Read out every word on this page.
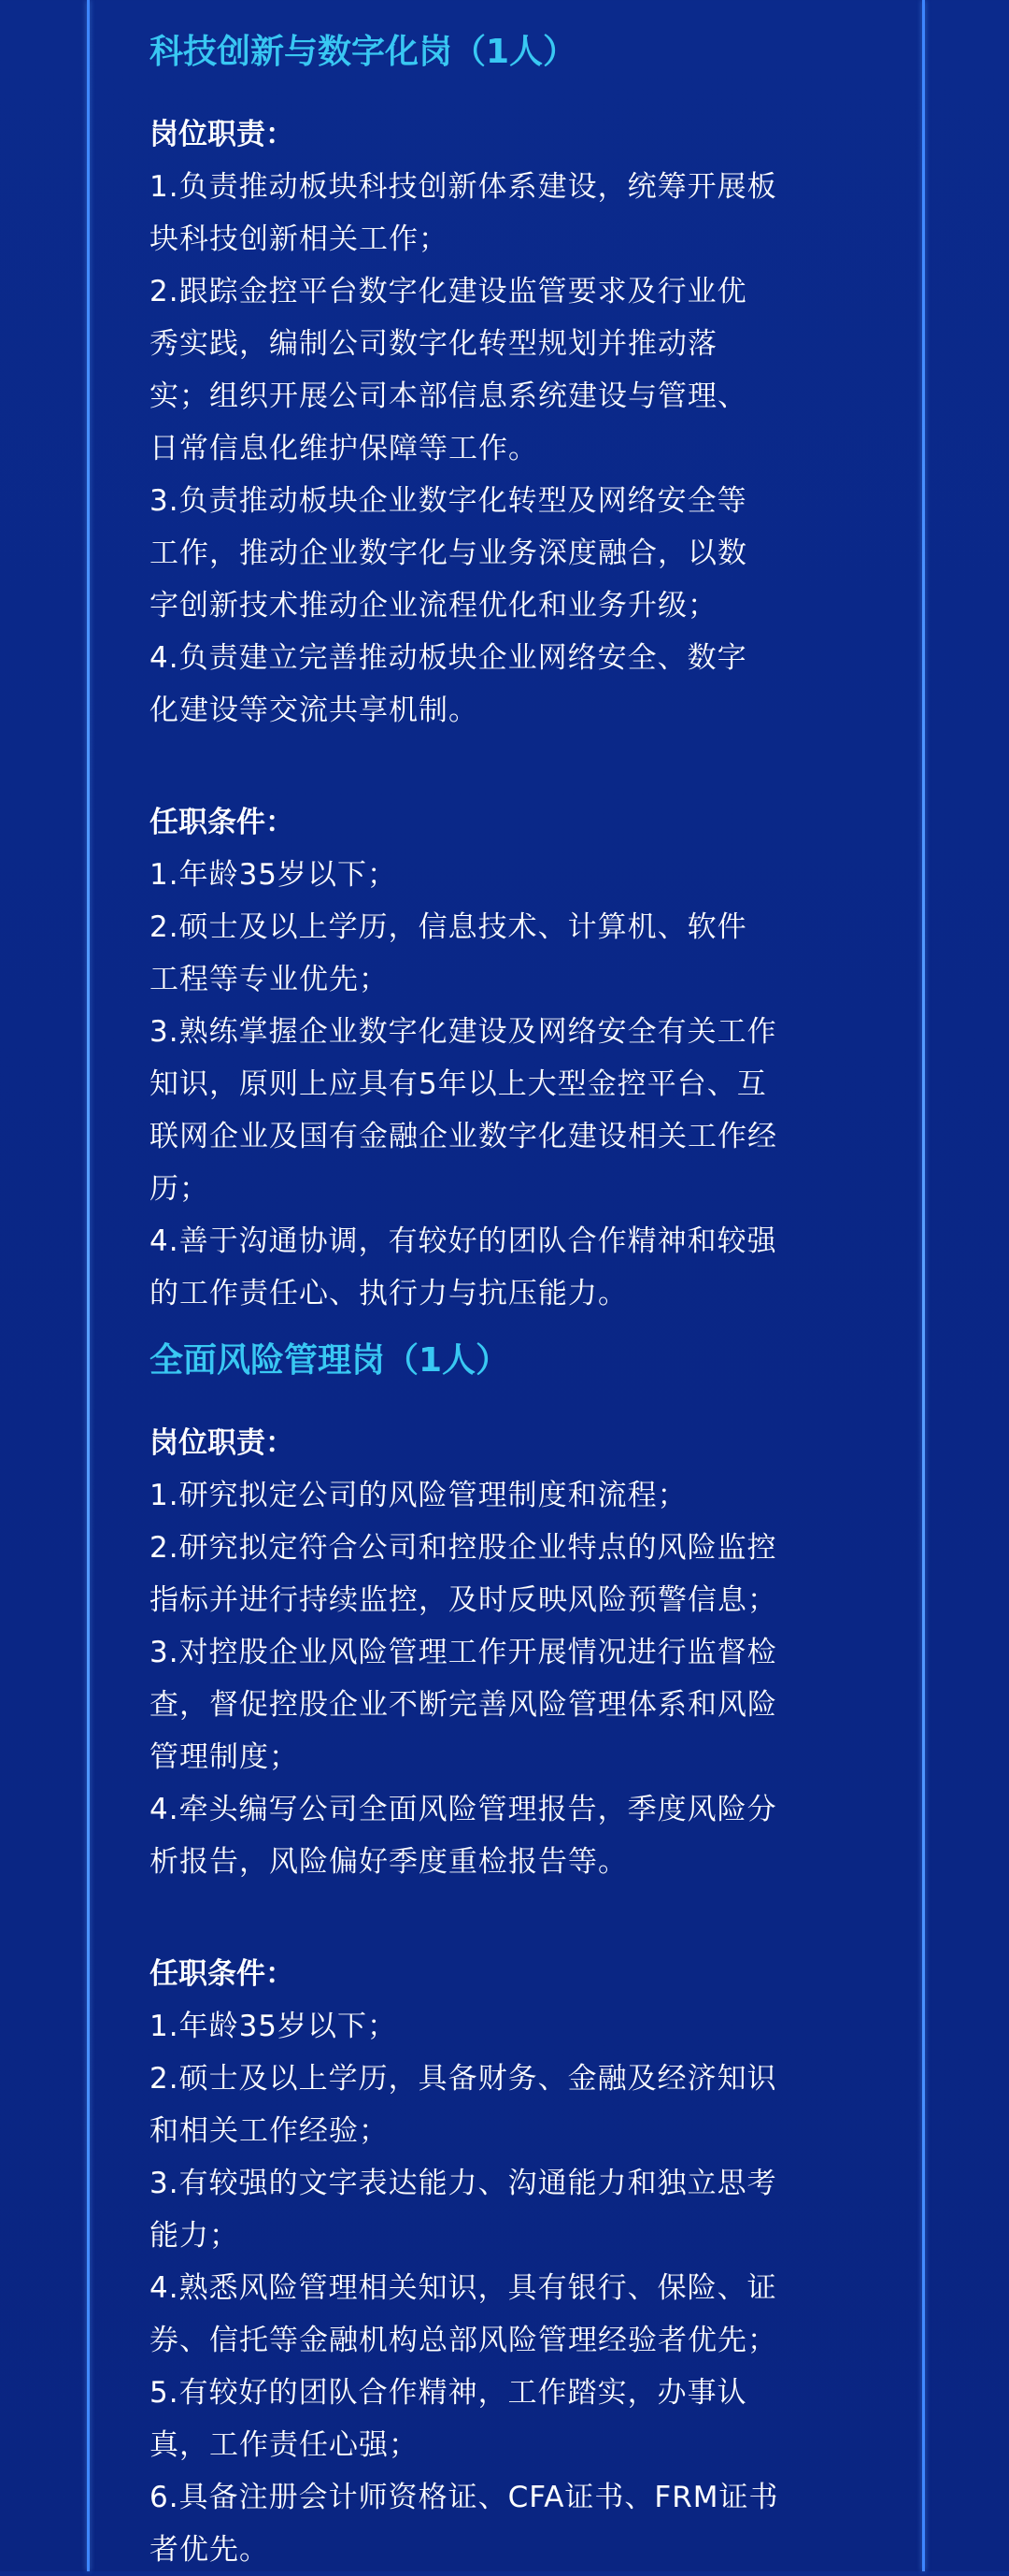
科技创新与数字化岗（1人）

岗位职责：

1.负责推动板块科技创新体系建设，统筹开展板

块科技创新相关工作；

2.跟踪金控平台数字化建设监管要求及行业优

秀实践，编制公司数字化转型规划并推动落

实；组织开展公司本部信息系统建设与管理、

日常信息化维护保障等工作。

3.负责推动板块企业数字化转型及网络安全等

工作，推动企业数字化与业务深度融合，以数

字创新技术推动企业流程优化和业务升级；

4.负责建立完善推动板块企业网络安全、数字

化建设等交流共享机制。

任职条件：

1.年龄35岁以下；

2.硕士及以上学历，信息技术、计算机、软件

工程等专业优先；

3.熟练掌握企业数字化建设及网络安全有关工作

知识，原则上应具有5年以上大型金控平台、互

联网企业及国有金融企业数字化建设相关工作经

历；

4.善于沟通协调，有较好的团队合作精神和较强

的工作责任心、执行力与抗压能力。

全面风险管理岗（1人）

岗位职责：

1.研究拟定公司的风险管理制度和流程；

2.研究拟定符合公司和控股企业特点的风险监控

指标并进行持续监控，及时反映风险预警信息；

3.对控股企业风险管理工作开展情况进行监督检

查，督促控股企业不断完善风险管理体系和风险

管理制度；

4.牵头编写公司全面风险管理报告，季度风险分

析报告，风险偏好季度重检报告等。

任职条件：

1.年龄35岁以下；

2.硕士及以上学历，具备财务、金融及经济知识

和相关工作经验；

3.有较强的文字表达能力、沟通能力和独立思考

能力；

4.熟悉风险管理相关知识，具有银行、保险、证

券、信托等金融机构总部风险管理经验者优先；

5.有较好的团队合作精神，工作踏实，办事认

真，工作责任心强；

6.具备注册会计师资格证、CFA证书、FRM证书

者优先。
